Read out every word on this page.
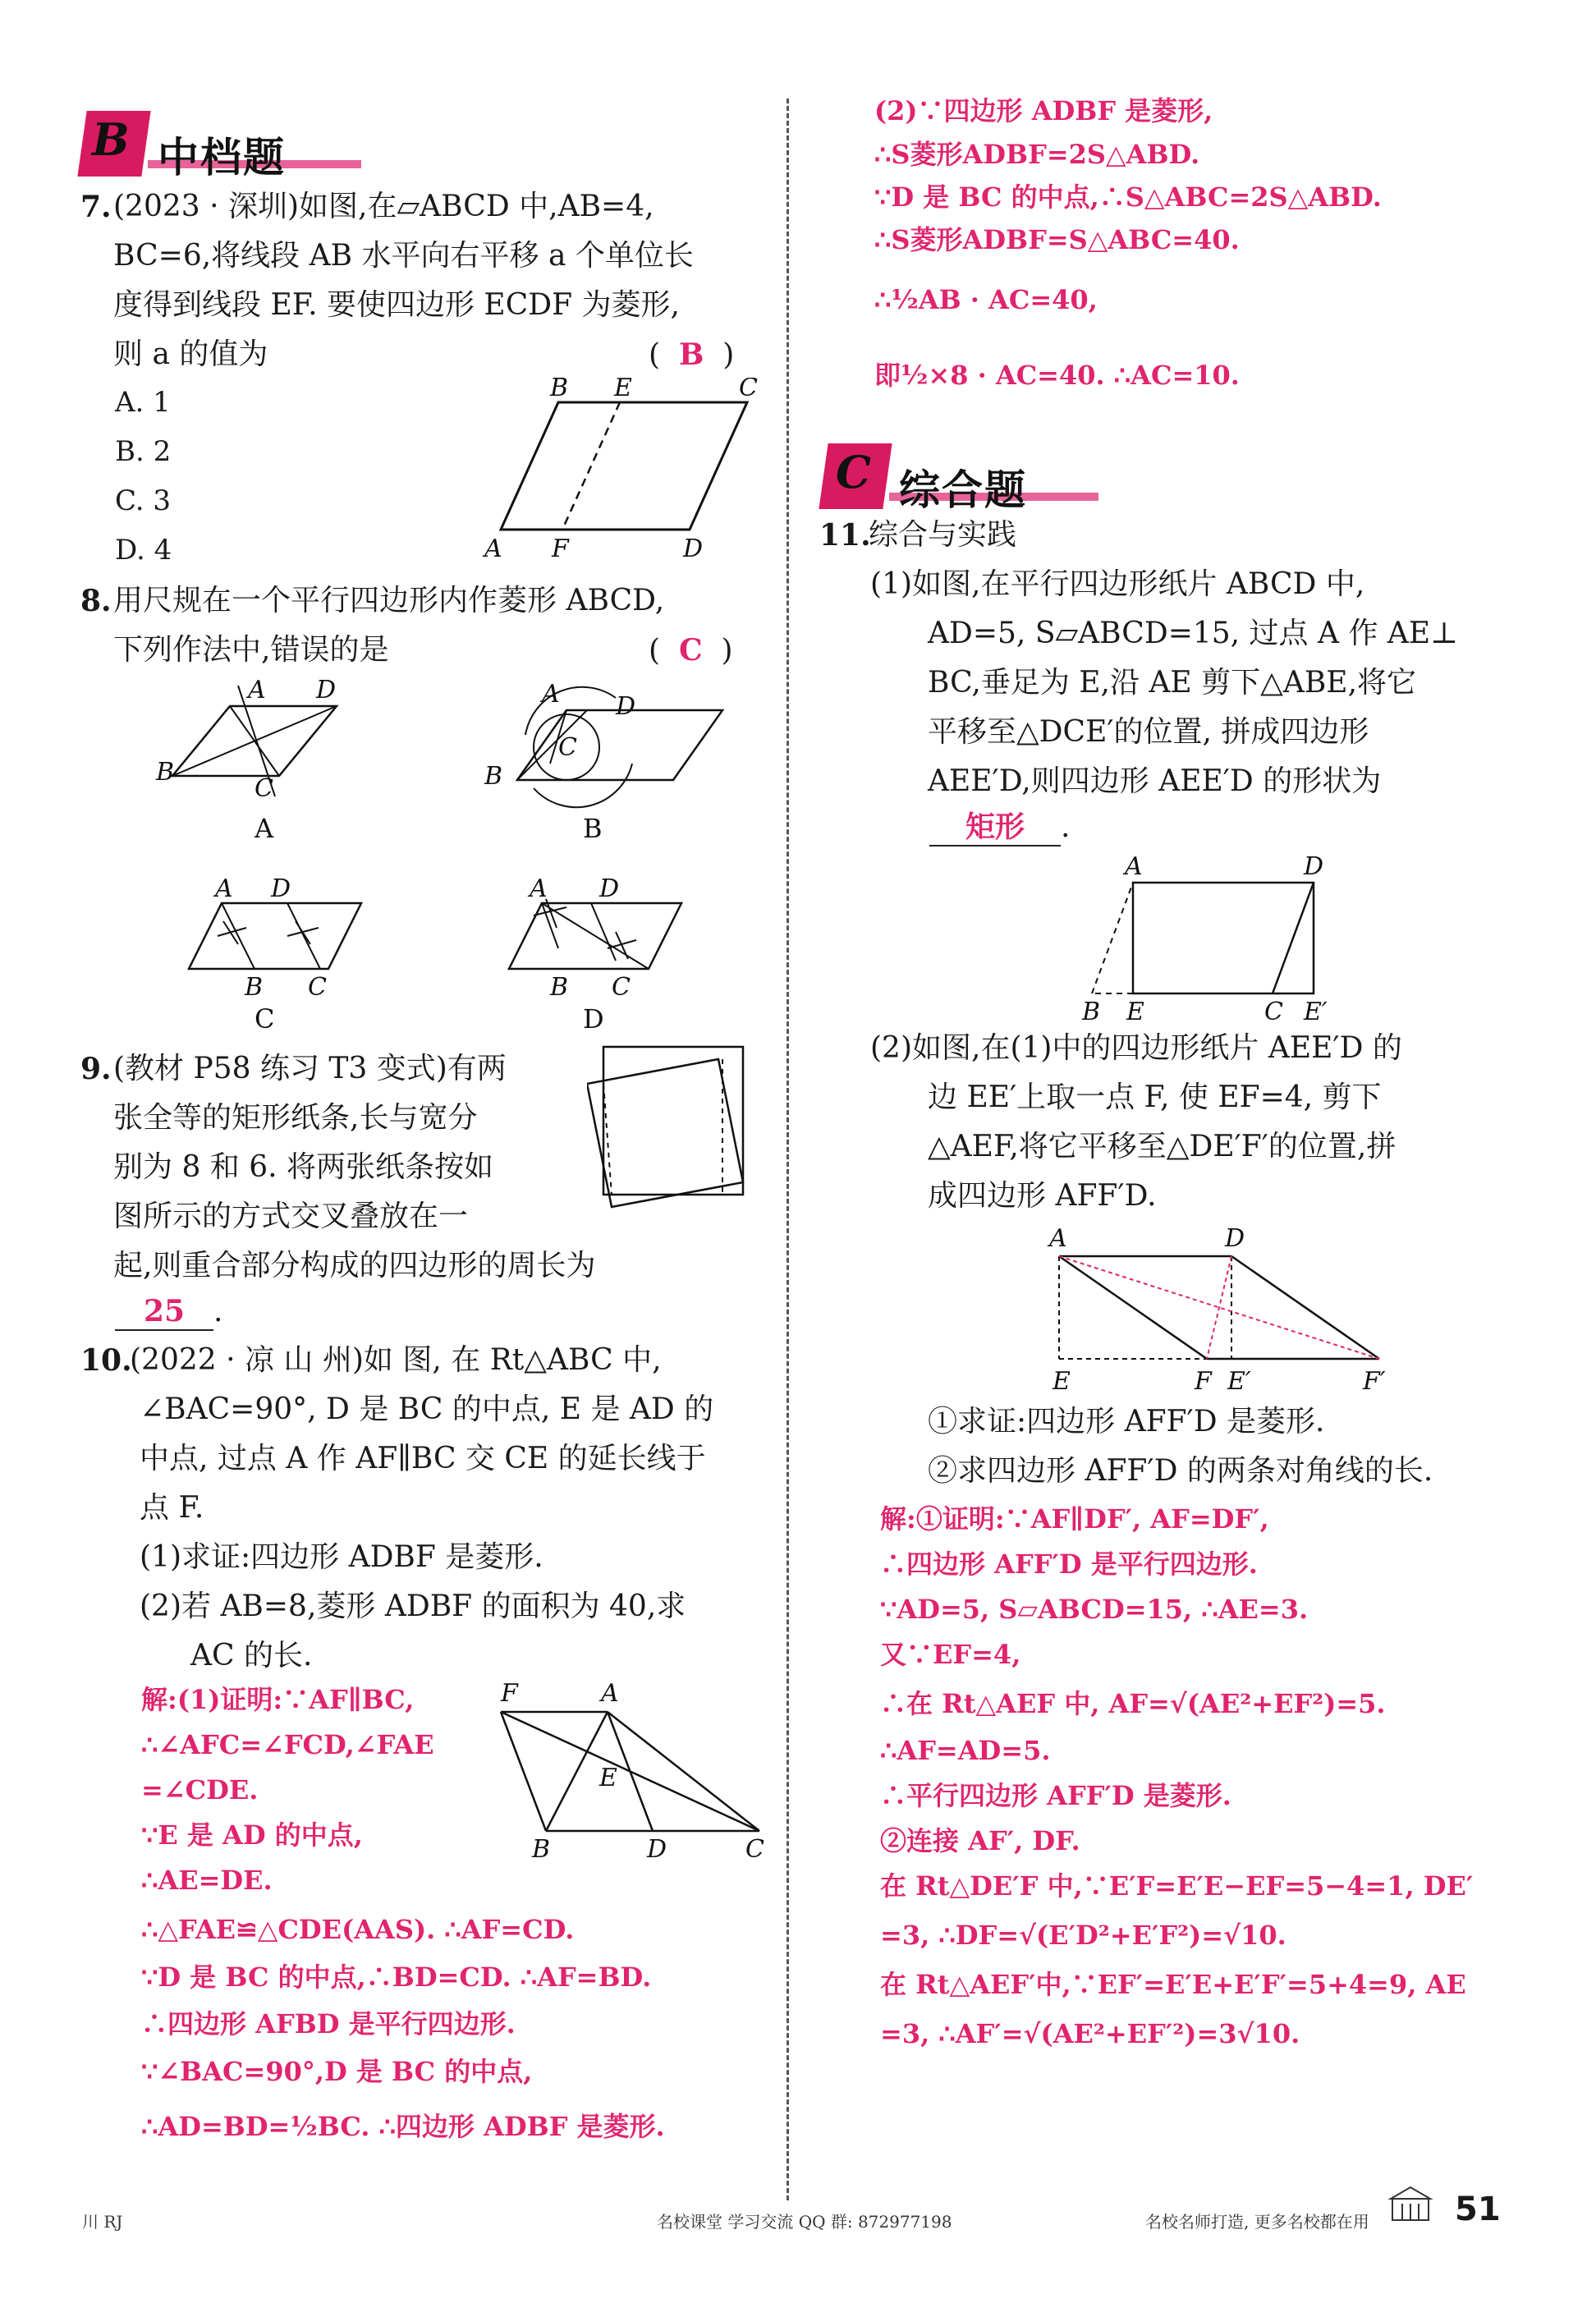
B 中档题
7. (2023 · 深圳)如图,在▱ABCD 中,AB=4,
BC=6,将线段 AB 水平向右平移 a 个单位长
度得到线段 EF. 要使四边形 ECDF 为菱形,
则 a 的值为	(  B  )
A. 1
B. 2
C. 3
D. 4
B E	C
A F	D
8. 用尺规在一个平行四边形内作菱形 ABCD,
下列作法中,错误的是	(  C  )
A D
B
C
A
A D
B
C
B
A D
B C
C
A D
B C
D
9. (教材 P58 练习 T3 变式)有两
张全等的矩形纸条,长与宽分
别为 8 和 6. 将两张纸条按如
图所示的方式交叉叠放在一
起,则重合部分构成的四边形的周长为
25 .
10.
(2022 · 凉 山 州)如 图, 在 Rt△ABC 中,
∠BAC=90°, D 是 BC 的中点, E 是 AD 的
中点, 过点 A 作 AF∥BC 交 CE 的延长线于
点 F.
(1)求证:四边形 ADBF 是菱形.
(2)若 AB=8,菱形 ADBF 的面积为 40,求
AC 的长.
解:(1)证明:∵AF∥BC,
∴∠AFC=∠FCD,∠FAE
=∠CDE.
∵E 是 AD 的中点,
∴AE=DE.
∴△FAE≌△CDE(AAS). ∴AF=CD.
∵D 是 BC 的中点,∴BD=CD. ∴AF=BD.
∴四边形 AFBD 是平行四边形.
∵∠BAC=90°,D 是 BC 的中点,
∴AD=BD=½BC. ∴四边形 ADBF 是菱形.
F	A
E
B	D	C
(2)∵四边形 ADBF 是菱形,
∴S菱形ADBF=2S△ABD.
∵D 是 BC 的中点,∴S△ABC=2S△ABD.
∴S菱形ADBF=S△ABC=40.
∴½AB · AC=40,
即½×8 · AC=40. ∴AC=10.
C 综合题
11.
综合与实践
(1)如图,在平行四边形纸片 ABCD 中,
AD=5, S▱ABCD=15, 过点 A 作 AE⊥
BC,垂足为 E,沿 AE 剪下△ABE,将它
平移至△DCE′的位置, 拼成四边形
AEE′D,则四边形 AEE′D 的形状为
矩形 .
A	D
B E	C E′
(2)如图,在(1)中的四边形纸片 AEE′D 的
边 EE′上取一点 F, 使 EF=4, 剪下
△AEF,将它平移至△DE′F′的位置,拼
成四边形 AFF′D.
A	D
E	F E′	F′
①求证:四边形 AFF′D 是菱形.
②求四边形 AFF′D 的两条对角线的长.
解:①证明:∵AF∥DF′, AF=DF′,
∴四边形 AFF′D 是平行四边形.
∵AD=5, S▱ABCD=15, ∴AE=3.
又∵EF=4,
∴在 Rt△AEF 中, AF=√(AE²+EF²)=5.
∴AF=AD=5.
∴平行四边形 AFF′D 是菱形.
②连接 AF′, DF.
在 Rt△DE′F 中,∵E′F=E′E−EF=5−4=1, DE′
=3, ∴DF=√(E′D²+E′F²)=√10.
在 Rt△AEF′中,∵EF′=E′E+E′F′=5+4=9, AE
=3, ∴AF′=√(AE²+EF′²)=3√10.
川 RJ	名校课堂 学习交流 QQ 群: 872977198	名校名师打造, 更多名校都在用	51
